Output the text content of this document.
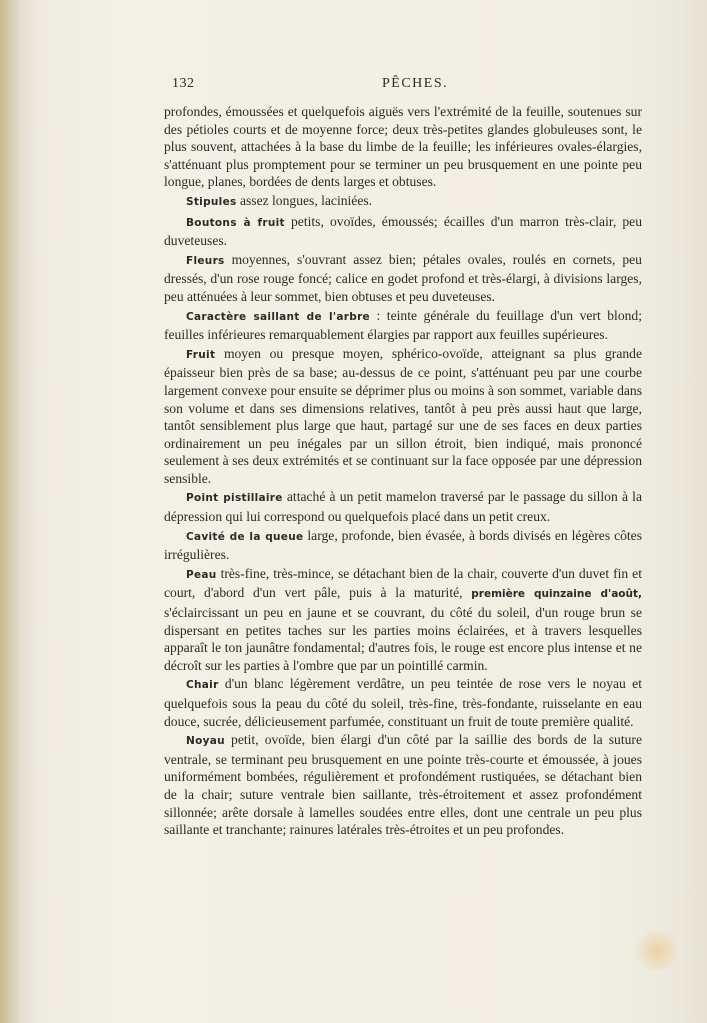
132	PÊCHES.

profondes, émoussées et quelquefois aiguës vers l'extrémité de la feuille, soutenues sur des pétioles courts et de moyenne force; deux très-petites glandes globuleuses sont, le plus souvent, attachées à la base du limbe de la feuille; les inférieures ovales-élargies, s'atténuant plus promptement pour se terminer un peu brusquement en une pointe peu longue, planes, bordées de dents larges et obtuses.

Stipules assez longues, laciniées.

Boutons à fruit petits, ovoïdes, émoussés; écailles d'un marron très-clair, peu duveteuses.

Fleurs moyennes, s'ouvrant assez bien; pétales ovales, roulés en cornets, peu dressés, d'un rose rouge foncé; calice en godet profond et très-élargi, à divisions larges, peu atténuées à leur sommet, bien obtuses et peu duveteuses.

Caractère saillant de l'arbre : teinte générale du feuillage d'un vert blond; feuilles inférieures remarquablement élargies par rapport aux feuilles supérieures.

Fruit moyen ou presque moyen, sphérico-ovoïde, atteignant sa plus grande épaisseur bien près de sa base; au-dessus de ce point, s'atténuant peu par une courbe largement convexe pour ensuite se déprimer plus ou moins à son sommet, variable dans son volume et dans ses dimensions relatives, tantôt à peu près aussi haut que large, tantôt sensiblement plus large que haut, partagé sur une de ses faces en deux parties ordinairement un peu inégales par un sillon étroit, bien indiqué, mais prononcé seulement à ses deux extrémités et se continuant sur la face opposée par une dépression sensible.

Point pistillaire attaché à un petit mamelon traversé par le passage du sillon à la dépression qui lui correspond ou quelquefois placé dans un petit creux.

Cavité de la queue large, profonde, bien évasée, à bords divisés en légères côtes irrégulières.

Peau très-fine, très-mince, se détachant bien de la chair, couverte d'un duvet fin et court, d'abord d'un vert pâle, puis à la maturité, première quinzaine d'août, s'éclaircissant un peu en jaune et se couvrant, du côté du soleil, d'un rouge brun se dispersant en petites taches sur les parties moins éclairées, et à travers lesquelles apparaît le ton jaunâtre fondamental; d'autres fois, le rouge est encore plus intense et ne décroît sur les parties à l'ombre que par un pointillé carmin.

Chair d'un blanc légèrement verdâtre, un peu teintée de rose vers le noyau et quelquefois sous la peau du côté du soleil, très-fine, très-fondante, ruisselante en eau douce, sucrée, délicieusement parfumée, constituant un fruit de toute première qualité.

Noyau petit, ovoïde, bien élargi d'un côté par la saillie des bords de la suture ventrale, se terminant peu brusquement en une pointe très-courte et émoussée, à joues uniformément bombées, régulièrement et profondément rustiquées, se détachant bien de la chair; suture ventrale bien saillante, très-étroitement et assez profondément sillonnée; arête dorsale à lamelles soudées entre elles, dont une centrale un peu plus saillante et tranchante; rainures latérales très-étroites et un peu profondes.
